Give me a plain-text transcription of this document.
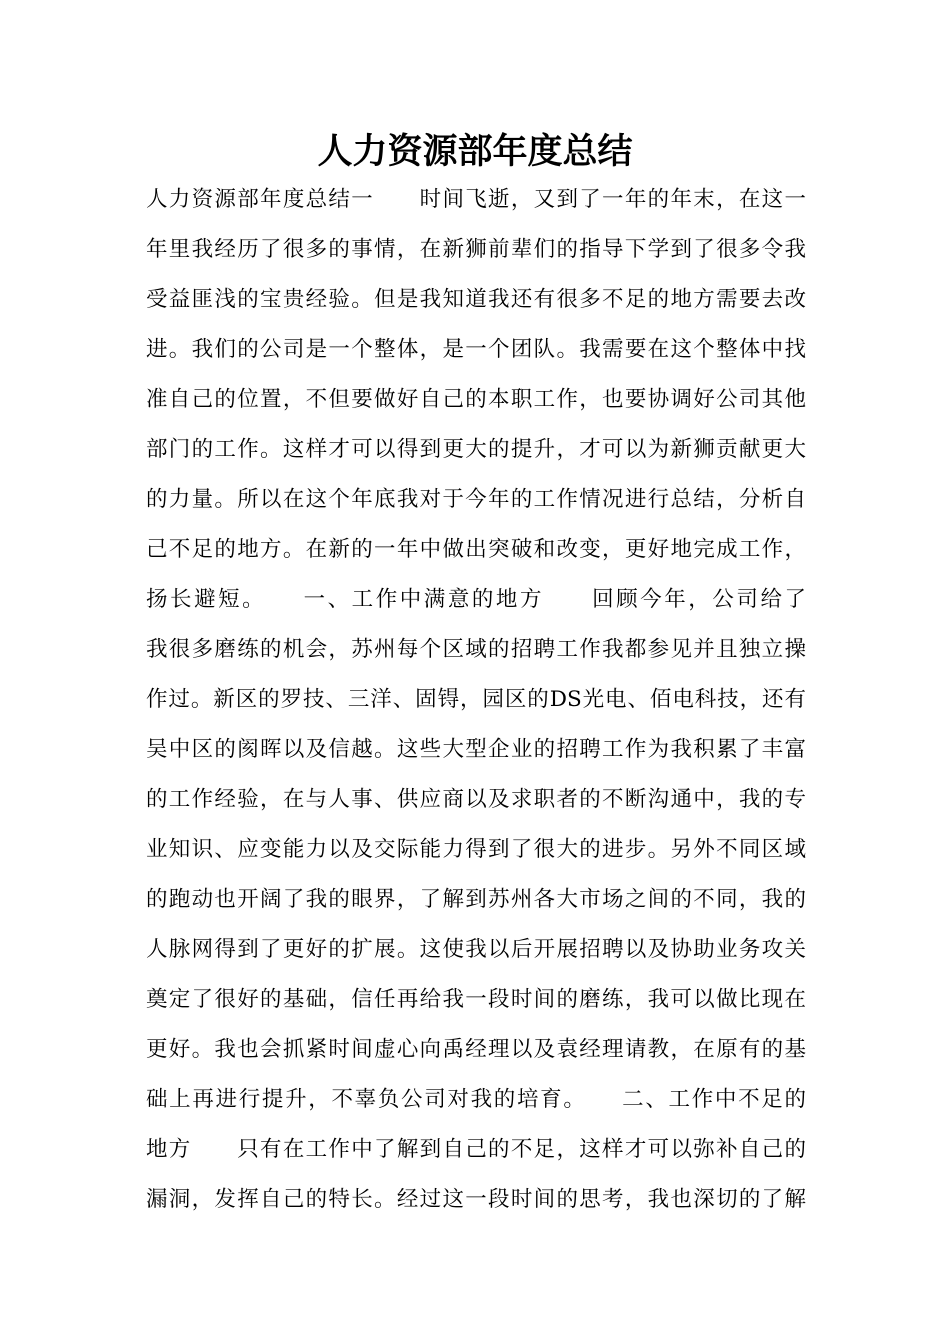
人力资源部年度总结
人力资源部年度总结一　　时间飞逝，又到了一年的年末，在这一
年里我经历了很多的事情，在新狮前辈们的指导下学到了很多令我
受益匪浅的宝贵经验。但是我知道我还有很多不足的地方需要去改
进。我们的公司是一个整体，是一个团队。我需要在这个整体中找
准自己的位置，不但要做好自己的本职工作，也要协调好公司其他
部门的工作。这样才可以得到更大的提升，才可以为新狮贡献更大
的力量。所以在这个年底我对于今年的工作情况进行总结，分析自
己不足的地方。在新的一年中做出突破和改变，更好地完成工作，
扬长避短。　　一、工作中满意的地方　　回顾今年，公司给了
我很多磨练的机会，苏州每个区域的招聘工作我都参见并且独立操
作过。新区的罗技、三洋、固锝，园区的DS光电、佰电科技，还有
吴中区的阂晖以及信越。这些大型企业的招聘工作为我积累了丰富
的工作经验，在与人事、供应商以及求职者的不断沟通中，我的专
业知识、应变能力以及交际能力得到了很大的进步。另外不同区域
的跑动也开阔了我的眼界，了解到苏州各大市场之间的不同，我的
人脉网得到了更好的扩展。这使我以后开展招聘以及协助业务攻关
奠定了很好的基础，信任再给我一段时间的磨练，我可以做比现在
更好。我也会抓紧时间虚心向禹经理以及袁经理请教，在原有的基
础上再进行提升，不辜负公司对我的培育。　　二、工作中不足的
地方　　只有在工作中了解到自己的不足，这样才可以弥补自己的
漏洞，发挥自己的特长。经过这一段时间的思考，我也深切的了解
